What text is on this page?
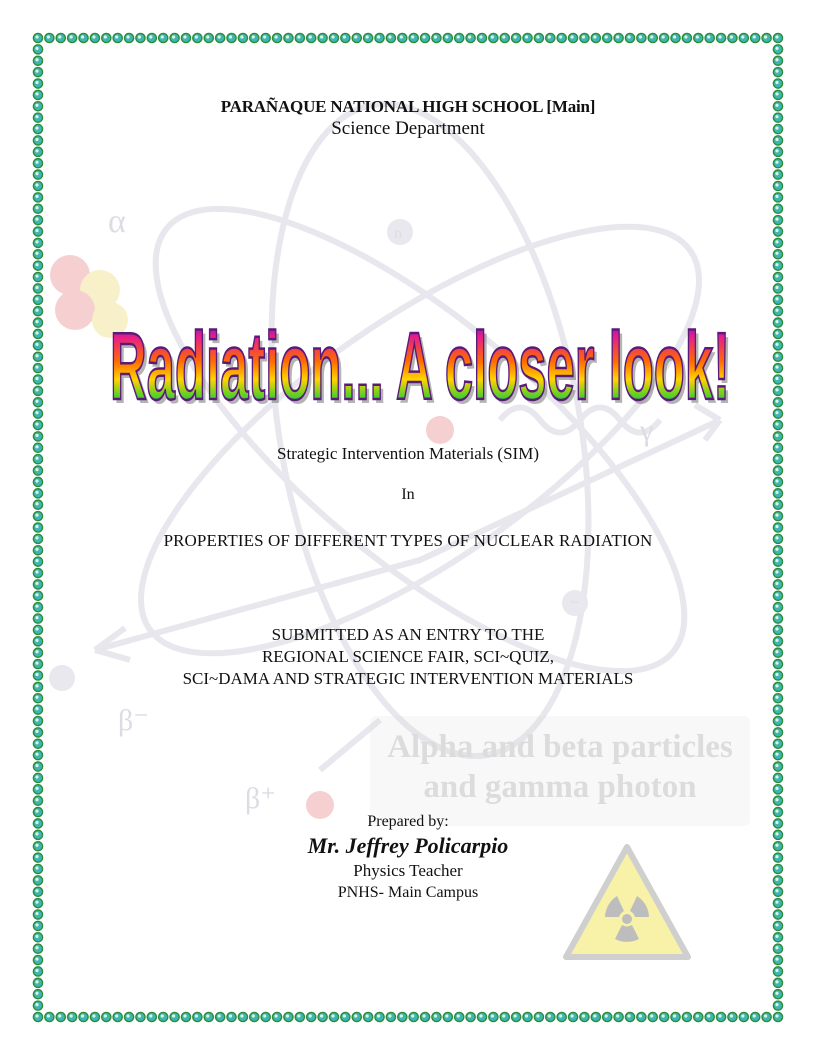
α
β⁻
β⁺
γ
n
−
PARAÑAQUE NATIONAL HIGH SCHOOL [Main]
Science Department
Radiation... A closer look!
Radiation... A closer look!
Strategic Intervention Materials (SIM)
In
PROPERTIES OF DIFFERENT TYPES OF NUCLEAR RADIATION
SUBMITTED AS AN ENTRY TO THE
REGIONAL SCIENCE FAIR, SCI~QUIZ,
SCI~DAMA AND STRATEGIC INTERVENTION MATERIALS
Alpha and beta particles
and gamma photon
Prepared by:
Mr. Jeffrey Policarpio
Physics Teacher
PNHS- Main Campus
